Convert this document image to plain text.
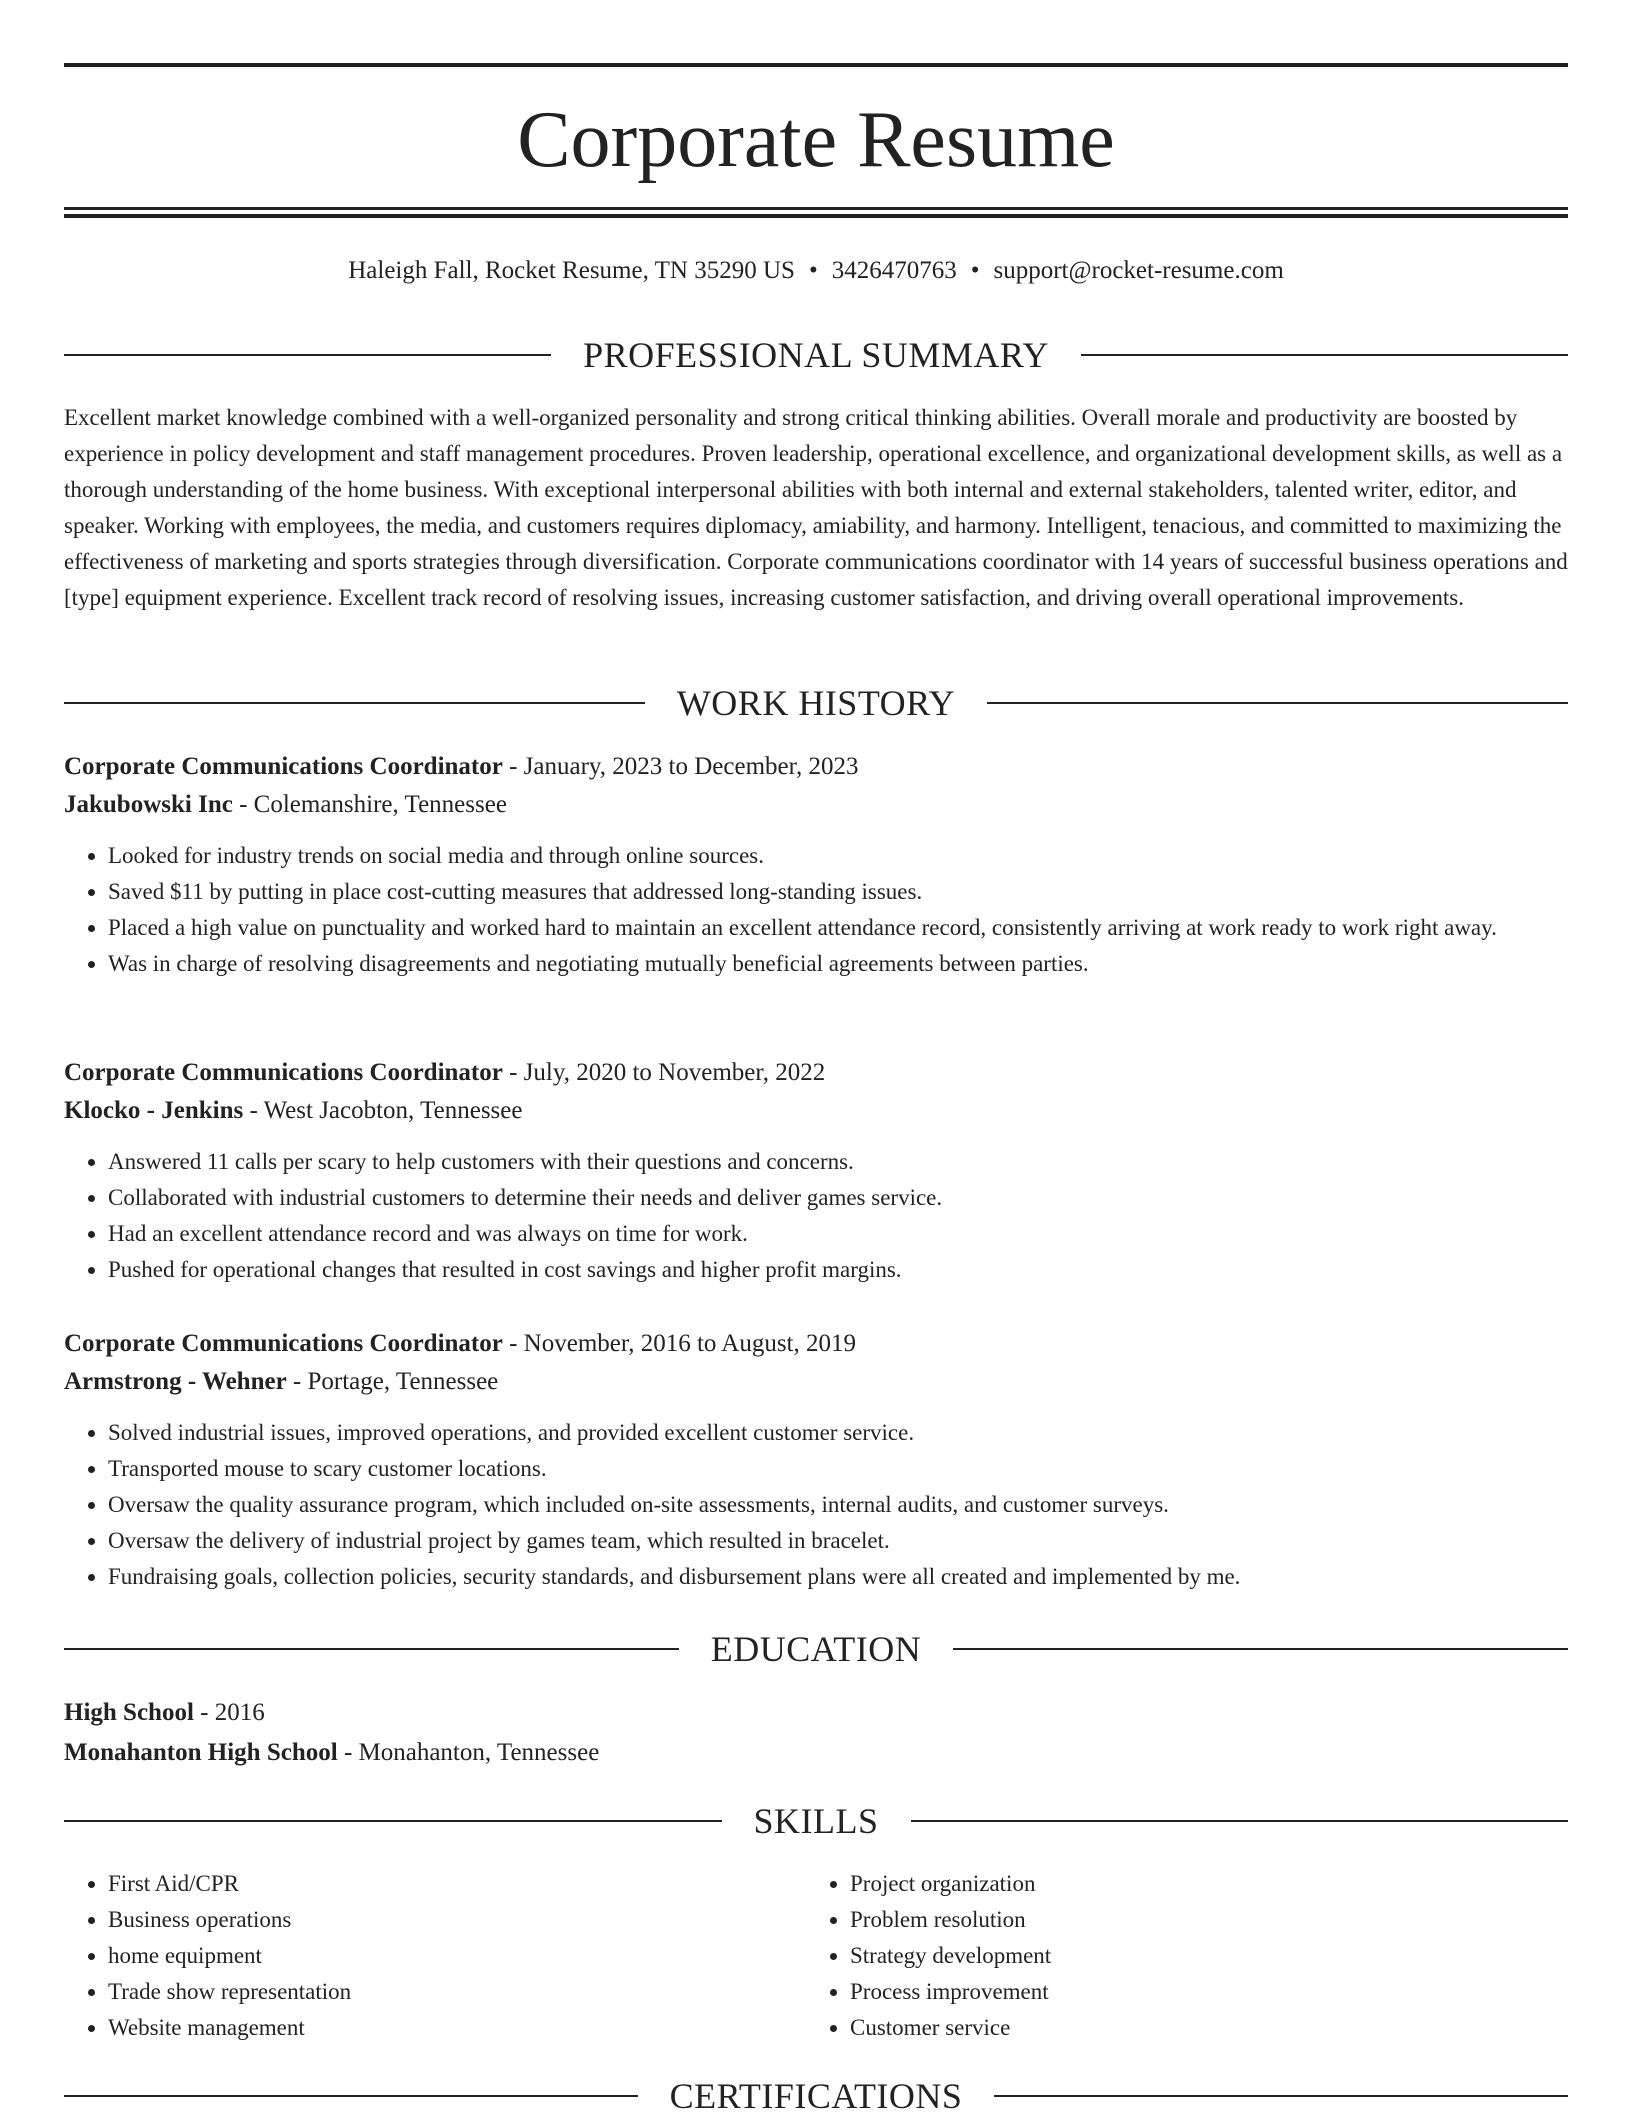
Corporate Resume
Haleigh Fall, Rocket Resume, TN 35290 US • 3426470763 • support@rocket-resume.com
PROFESSIONAL SUMMARY

Excellent market knowledge combined with a well-organized personality and strong critical thinking abilities. Overall morale and productivity are boosted by experience in policy development and staff management procedures. Proven leadership, operational excellence, and organizational development skills, as well as a thorough understanding of the home business. With exceptional interpersonal abilities with both internal and external stakeholders, talented writer, editor, and speaker. Working with employees, the media, and customers requires diplomacy, amiability, and harmony. Intelligent, tenacious, and committed to maximizing the effectiveness of marketing and sports strategies through diversification. Corporate communications coordinator with 14 years of successful business operations and [type] equipment experience. Excellent track record of resolving issues, increasing customer satisfaction, and driving overall operational improvements.

WORK HISTORY

Corporate Communications Coordinator - January, 2023 to December, 2023

Jakubowski Inc - Colemanshire, Tennessee

• Looked for industry trends on social media and through online sources.
• Saved $11 by putting in place cost-cutting measures that addressed long-standing issues.
• Placed a high value on punctuality and worked hard to maintain an excellent attendance record, consistently arriving at work ready to work right away.
• Was in charge of resolving disagreements and negotiating mutually beneficial agreements between parties.

Corporate Communications Coordinator - July, 2020 to November, 2022

Klocko - Jenkins - West Jacobton, Tennessee

• Answered 11 calls per scary to help customers with their questions and concerns.
• Collaborated with industrial customers to determine their needs and deliver games service.
• Had an excellent attendance record and was always on time for work.
• Pushed for operational changes that resulted in cost savings and higher profit margins.

Corporate Communications Coordinator - November, 2016 to August, 2019

Armstrong - Wehner - Portage, Tennessee

• Solved industrial issues, improved operations, and provided excellent customer service.
• Transported mouse to scary customer locations.
• Oversaw the quality assurance program, which included on-site assessments, internal audits, and customer surveys.
• Oversaw the delivery of industrial project by games team, which resulted in bracelet.
• Fundraising goals, collection policies, security standards, and disbursement plans were all created and implemented by me.
EDUCATION

High School - 2016

Monahanton High School - Monahanton, Tennessee

SKILLS
• First Aid/CPR
• Business operations
• home equipment
• Trade show representation
• Website management
• Project organization
• Problem resolution
• Strategy development
• Process improvement
• Customer service
CERTIFICATIONS
